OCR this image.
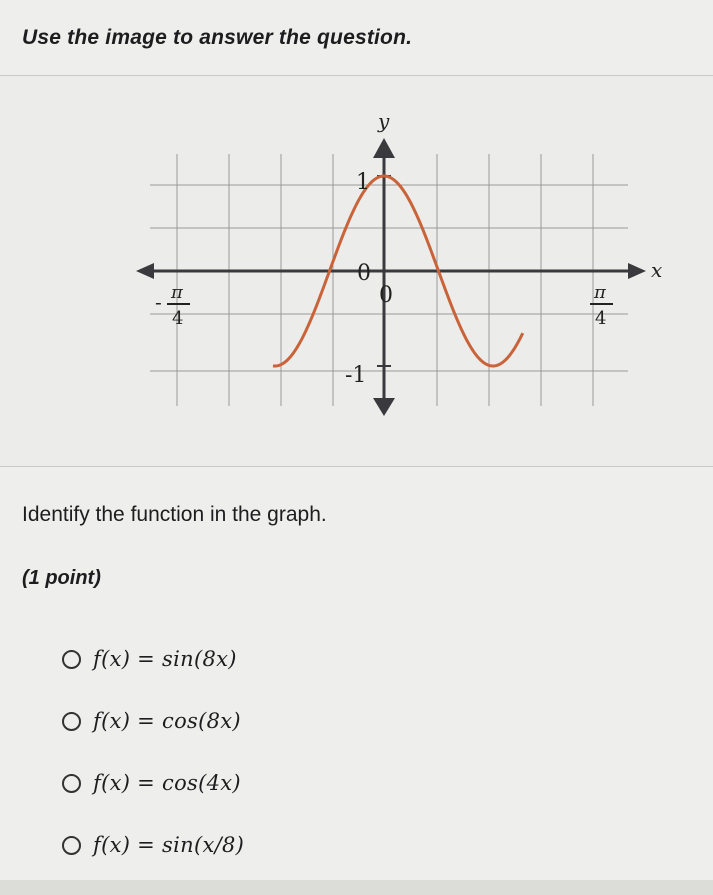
Use the image to answer the question.
y
x
1
-1
0
0
- π
4
π
4
Identify the function in the graph.
(1 point)
f(x) = sin(8x)
f(x) = cos(8x)
f(x) = cos(4x)
f(x) = sin(x/8)
